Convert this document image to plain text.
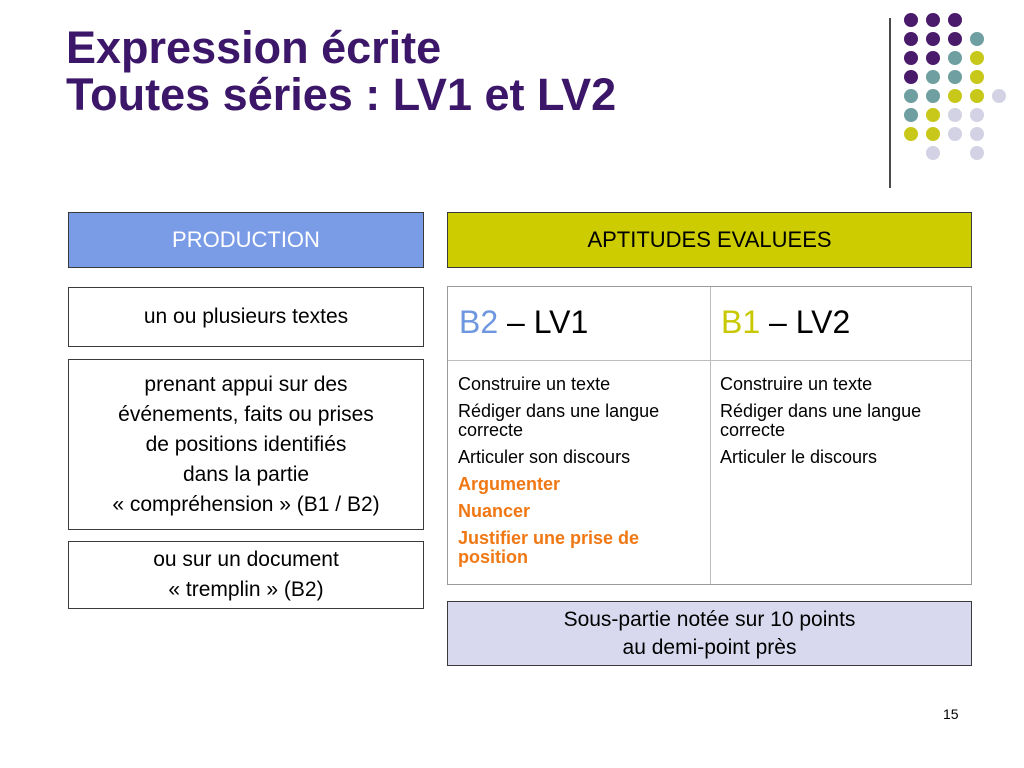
Expression écrite
Toutes séries : LV1 et LV2
PRODUCTION	APTITUDES EVALUEES
un ou plusieurs textes
prenant appui sur des
événements, faits ou prises
de positions identifiés
dans la partie
« compréhension » (B1 / B2)
ou sur un document
« tremplin » (B2)
B2 – LV1	B1 – LV2
Construire un texte
Rédiger dans une langue correcte
Articuler son discours
Argumenter
Nuancer
Justifier une prise de position
Construire un texte
Rédiger dans une langue correcte
Articuler le discours
Sous-partie notée sur 10 points
au demi-point près
15
